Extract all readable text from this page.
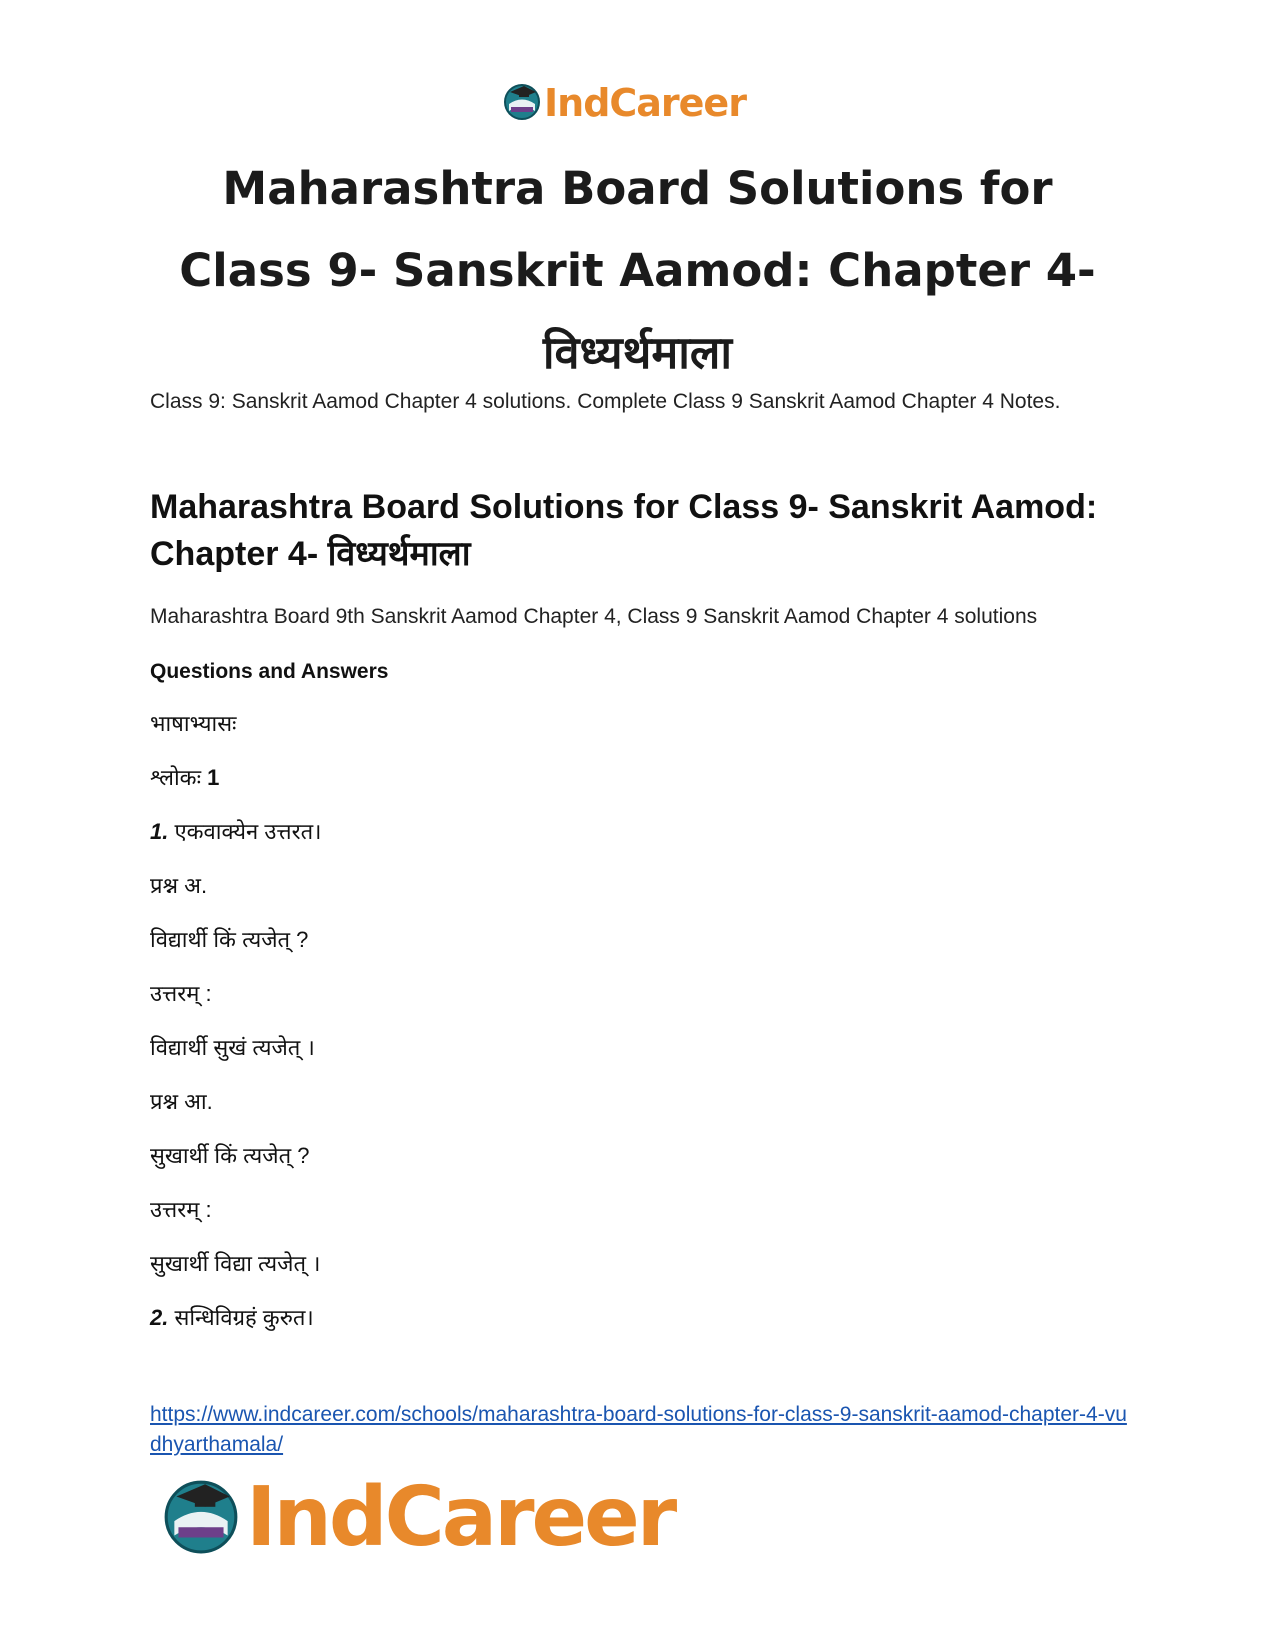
IndCareer
Maharashtra Board Solutions for Class 9- Sanskrit Aamod: Chapter 4- विध्यर्थमाला

Class 9: Sanskrit Aamod Chapter 4 solutions. Complete Class 9 Sanskrit Aamod Chapter 4 Notes.

Maharashtra Board Solutions for Class 9- Sanskrit Aamod: Chapter 4- विध्यर्थमाला

Maharashtra Board 9th Sanskrit Aamod Chapter 4, Class 9 Sanskrit Aamod Chapter 4 solutions

Questions and Answers

भाषाभ्यासः

श्लोकः 1

1. एकवाक्येन उत्तरत।

प्रश्न अ.

विद्यार्थी किं त्यजेत् ?

उत्तरम् :

विद्यार्थी सुखं त्यजेत् ।

प्रश्न आ.

सुखार्थी किं त्यजेत् ?

उत्तरम् :

सुखार्थी विद्या त्यजेत् ।

2. सन्धिविग्रहं कुरुत।

https://www.indcareer.com/schools/maharashtra-board-solutions-for-class-9-sanskrit-aamod-chapter-4-vudhyarthamala/
IndCareer
